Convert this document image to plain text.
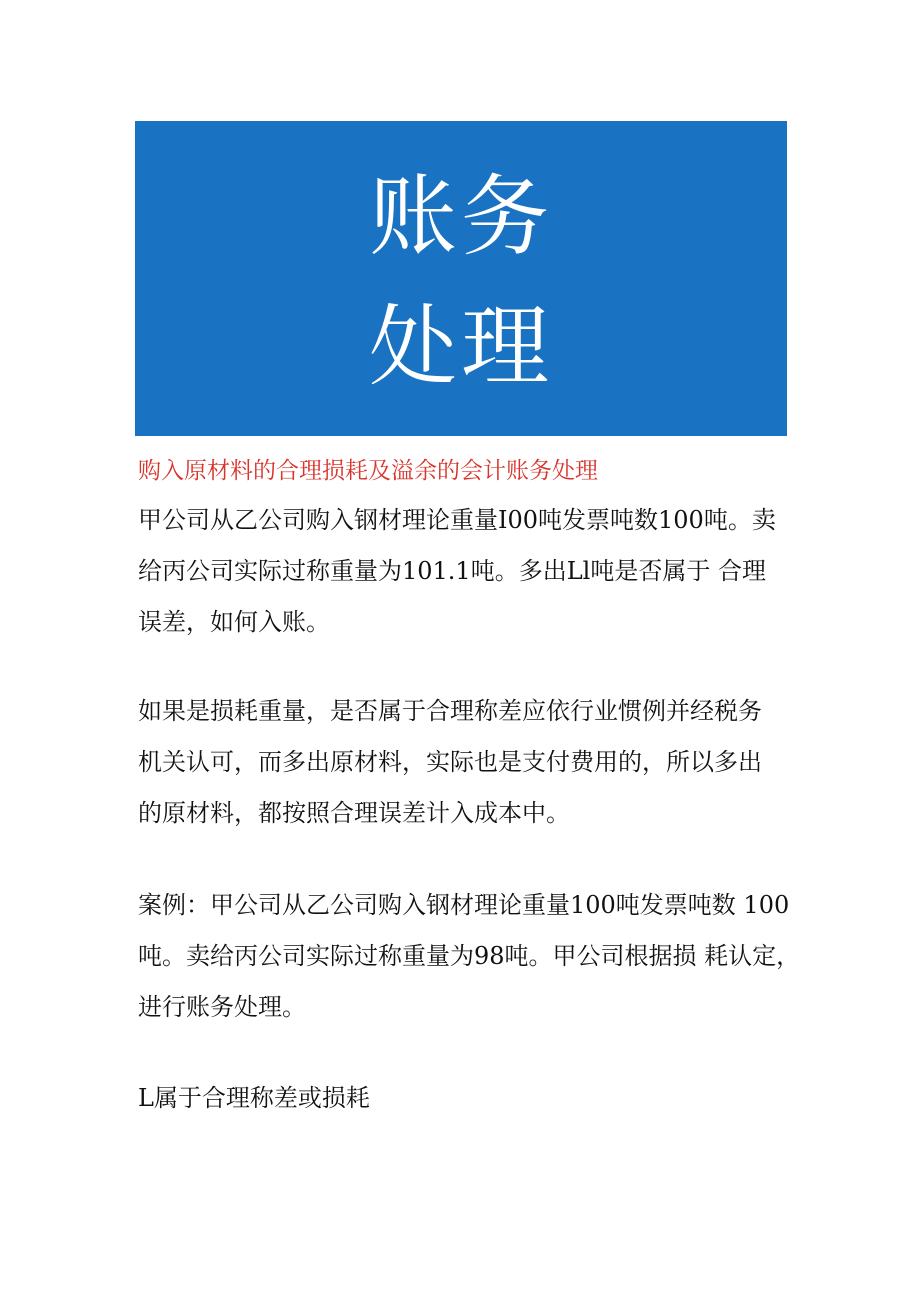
账务
处理
购入原材料的合理损耗及溢余的会计账务处理

甲公司从乙公司购入钢材理论重量I00吨发票吨数100吨。卖
给丙公司实际过称重量为101.1吨。多出Ll吨是否属于 合理
误差，如何入账。

如果是损耗重量，是否属于合理称差应依行业惯例并经税务
机关认可，而多出原材料，实际也是支付费用的，所以多出
的原材料，都按照合理误差计入成本中。

案例：甲公司从乙公司购入钢材理论重量100吨发票吨数 100
吨。卖给丙公司实际过称重量为98吨。甲公司根据损 耗认定，
进行账务处理。

L属于合理称差或损耗
